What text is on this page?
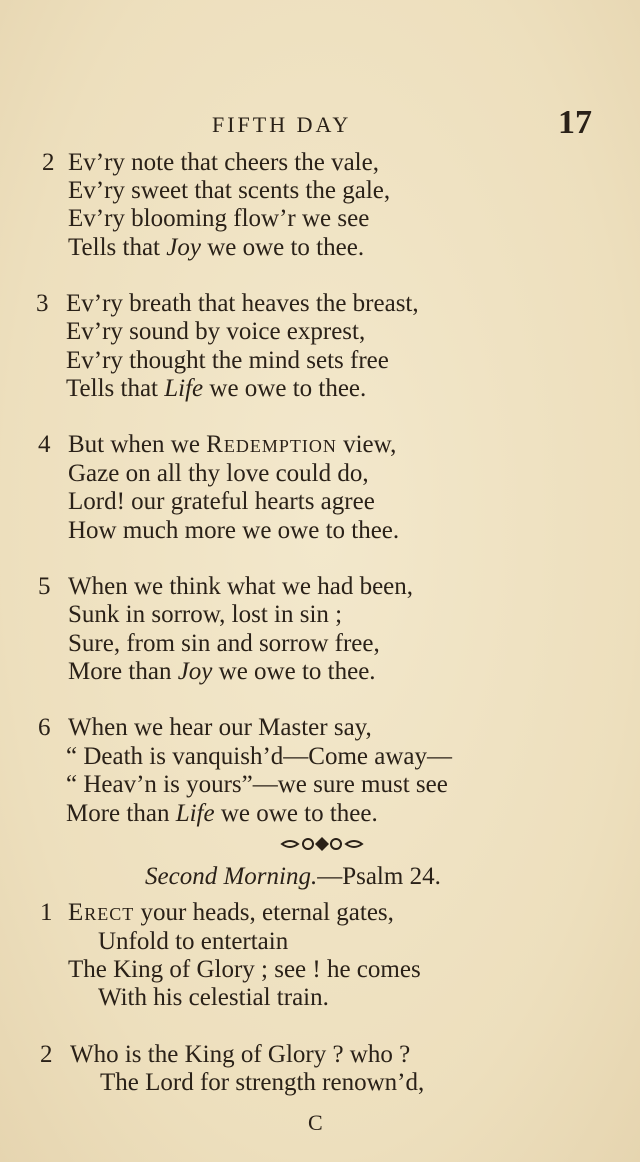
FIFTH DAY	17
2 Ev’ry note that cheers the vale,
Ev’ry sweet that scents the gale,
Ev’ry blooming flow’r we see
Tells that Joy we owe to thee.
3 Ev’ry breath that heaves the breast,
Ev’ry sound by voice exprest,
Ev’ry thought the mind sets free
Tells that Life we owe to thee.
4 But when we Redemption view,
Gaze on all thy love could do,
Lord! our grateful hearts agree
How much more we owe to thee.
5 When we think what we had been,
Sunk in sorrow, lost in sin ;
Sure, from sin and sorrow free,
More than Joy we owe to thee.
6 When we hear our Master say,
“ Death is vanquish’d—Come away—
“ Heav’n is yours”—we sure must see
More than Life we owe to thee.
Second Morning.—Psalm 24.
1 Erect your heads, eternal gates,
Unfold to entertain
The King of Glory ; see ! he comes
With his celestial train.
2 Who is the King of Glory ? who ?
The Lord for strength renown’d,
C
